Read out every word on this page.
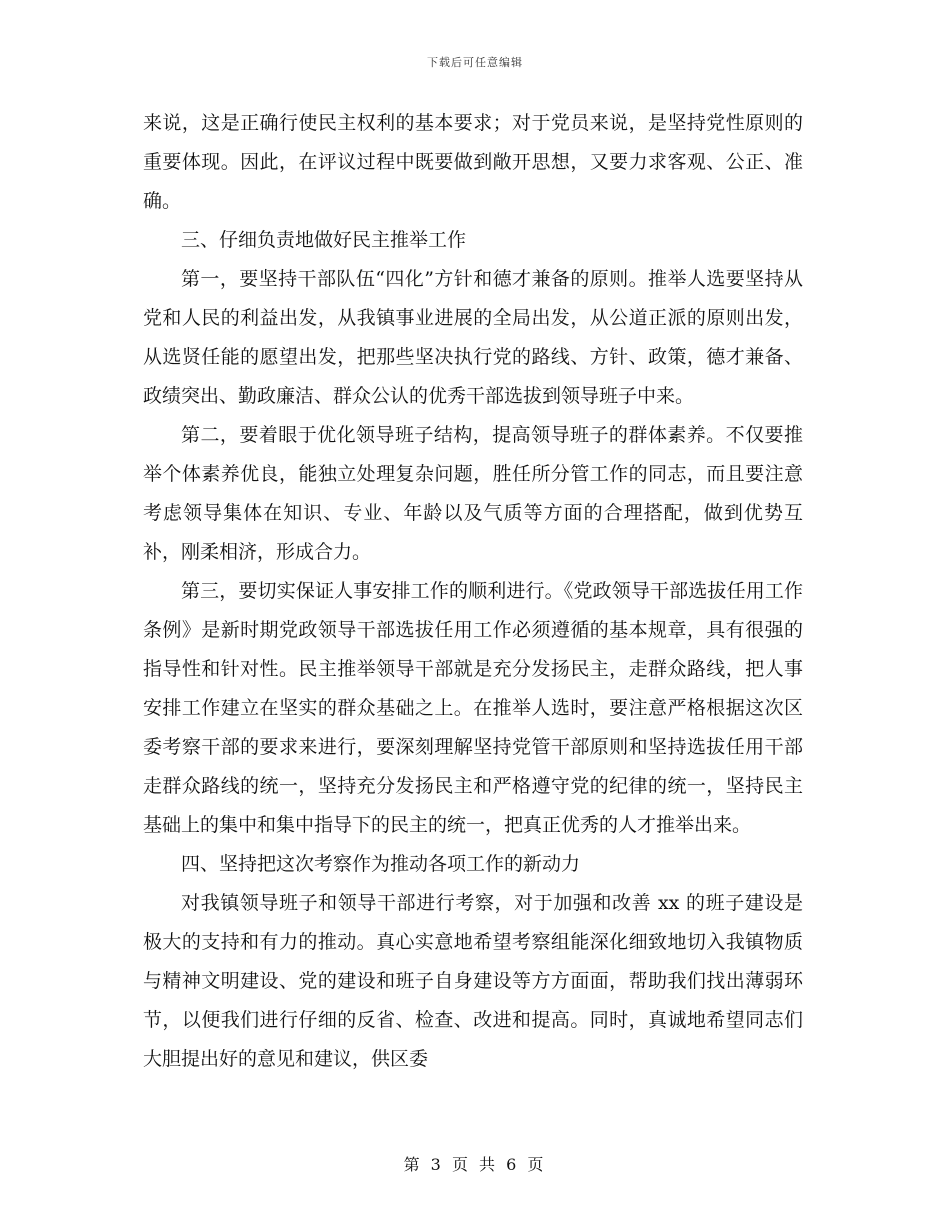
下载后可任意编辑

来说，这是正确行使民主权利的基本要求；对于党员来说，是坚持党性原则的重要体现。因此，在评议过程中既要做到敞开思想，又要力求客观、公正、准确。

三、仔细负责地做好民主推举工作

第一，要坚持干部队伍“四化”方针和德才兼备的原则。推举人选要坚持从党和人民的利益出发，从我镇事业进展的全局出发，从公道正派的原则出发，从选贤任能的愿望出发，把那些坚决执行党的路线、方针、政策，德才兼备、政绩突出、勤政廉洁、群众公认的优秀干部选拔到领导班子中来。

第二，要着眼于优化领导班子结构，提高领导班子的群体素养。不仅要推举个体素养优良，能独立处理复杂问题，胜任所分管工作的同志，而且要注意考虑领导集体在知识、专业、年龄以及气质等方面的合理搭配，做到优势互补，刚柔相济，形成合力。

第三，要切实保证人事安排工作的顺利进行。《党政领导干部选拔任用工作条例》是新时期党政领导干部选拔任用工作必须遵循的基本规章，具有很强的指导性和针对性。民主推举领导干部就是充分发扬民主，走群众路线，把人事安排工作建立在坚实的群众基础之上。在推举人选时，要注意严格根据这次区委考察干部的要求来进行，要深刻理解坚持党管干部原则和坚持选拔任用干部走群众路线的统一，坚持充分发扬民主和严格遵守党的纪律的统一，坚持民主基础上的集中和集中指导下的民主的统一，把真正优秀的人才推举出来。

四、坚持把这次考察作为推动各项工作的新动力

对我镇领导班子和领导干部进行考察，对于加强和改善 xx 的班子建设是极大的支持和有力的推动。真心实意地希望考察组能深化细致地切入我镇物质与精神文明建设、党的建设和班子自身建设等方方面面，帮助我们找出薄弱环节，以便我们进行仔细的反省、检查、改进和提高。同时，真诚地希望同志们大胆提出好的意见和建议，供区委

第 3 页 共 6 页
